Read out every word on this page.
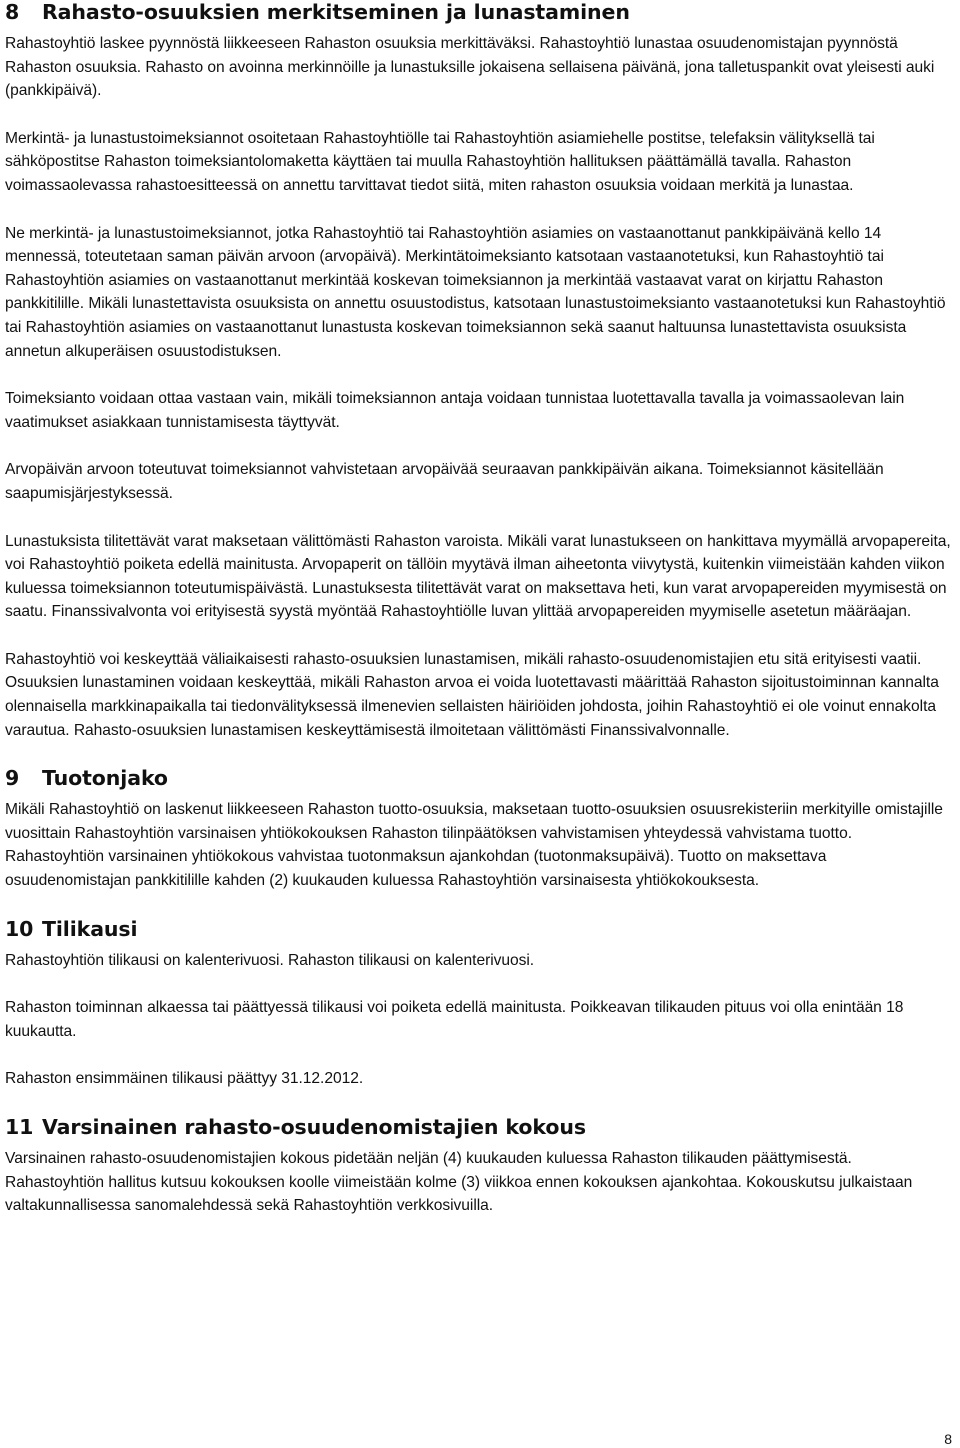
8 Rahasto-osuuksien merkitseminen ja lunastaminen

Rahastoyhtiö laskee pyynnöstä liikkeeseen Rahaston osuuksia merkittäväksi. Rahastoyhtiö lunastaa osuudenomistajan pyynnöstä Rahaston osuuksia. Rahasto on avoinna merkinnöille ja lunastuksille jokaisena sellaisena päivänä, jona talletuspankit ovat yleisesti auki (pankkipäivä).

Merkintä- ja lunastustoimeksiannot osoitetaan Rahastoyhtiölle tai Rahastoyhtiön asiamiehelle postitse, telefaksin välityksellä tai sähköpostitse Rahaston toimeksiantolomaketta käyttäen tai muulla Rahastoyhtiön hallituksen päättämällä tavalla. Rahaston voimassaolevassa rahastoesitteessä on annettu tarvittavat tiedot siitä, miten rahaston osuuksia voidaan merkitä ja lunastaa.

Ne merkintä- ja lunastustoimeksiannot, jotka Rahastoyhtiö tai Rahastoyhtiön asiamies on vastaanottanut pankkipäivänä kello 14 mennessä, toteutetaan saman päivän arvoon (arvopäivä). Merkintätoimeksianto katsotaan vastaanotetuksi, kun Rahastoyhtiö tai Rahastoyhtiön asiamies on vastaanottanut merkintää koskevan toimeksiannon ja merkintää vastaavat varat on kirjattu Rahaston pankkitilille. Mikäli lunastettavista osuuksista on annettu osuustodistus, katsotaan lunastustoimeksianto vastaanotetuksi kun Rahastoyhtiö tai Rahastoyhtiön asiamies on vastaanottanut lunastusta koskevan toimeksiannon sekä saanut haltuunsa lunastettavista osuuksista annetun alkuperäisen osuustodistuksen.

Toimeksianto voidaan ottaa vastaan vain, mikäli toimeksiannon antaja voidaan tunnistaa luotettavalla tavalla ja voimassaolevan lain vaatimukset asiakkaan tunnistamisesta täyttyvät.

Arvopäivän arvoon toteutuvat toimeksiannot vahvistetaan arvopäivää seuraavan pankkipäivän aikana. Toimeksiannot käsitellään saapumisjärjestyksessä.

Lunastuksista tilitettävät varat maksetaan välittömästi Rahaston varoista. Mikäli varat lunastukseen on hankittava myymällä arvopapereita, voi Rahastoyhtiö poiketa edellä mainitusta. Arvopaperit on tällöin myytävä ilman aiheetonta viivytystä, kuitenkin viimeistään kahden viikon kuluessa toimeksiannon toteutumispäivästä. Lunastuksesta tilitettävät varat on maksettava heti, kun varat arvopapereiden myymisestä on saatu. Finanssivalvonta voi erityisestä syystä myöntää Rahastoyhtiölle luvan ylittää arvopapereiden myymiselle asetetun määräajan.

Rahastoyhtiö voi keskeyttää väliaikaisesti rahasto-osuuksien lunastamisen, mikäli rahasto-osuudenomistajien etu sitä erityisesti vaatii. Osuuksien lunastaminen voidaan keskeyttää, mikäli Rahaston arvoa ei voida luotettavasti määrittää Rahaston sijoitustoiminnan kannalta olennaisella markkinapaikalla tai tiedonvälityksessä ilmenevien sellaisten häiriöiden johdosta, joihin Rahastoyhtiö ei ole voinut ennakolta varautua. Rahasto-osuuksien lunastamisen keskeyttämisestä ilmoitetaan välittömästi Finanssivalvonnalle.

9 Tuotonjako

Mikäli Rahastoyhtiö on laskenut liikkeeseen Rahaston tuotto-osuuksia, maksetaan tuotto-osuuksien osuusrekisteriin merkityille omistajille vuosittain Rahastoyhtiön varsinaisen yhtiökokouksen Rahaston tilinpäätöksen vahvistamisen yhteydessä vahvistama tuotto. Rahastoyhtiön varsinainen yhtiökokous vahvistaa tuotonmaksun ajankohdan (tuotonmaksupäivä). Tuotto on maksettava osuudenomistajan pankkitilille kahden (2) kuukauden kuluessa Rahastoyhtiön varsinaisesta yhtiökokouksesta.

10 Tilikausi

Rahastoyhtiön tilikausi on kalenterivuosi. Rahaston tilikausi on kalenterivuosi.

Rahaston toiminnan alkaessa tai päättyessä tilikausi voi poiketa edellä mainitusta. Poikkeavan tilikauden pituus voi olla enintään 18 kuukautta.

Rahaston ensimmäinen tilikausi päättyy 31.12.2012.

11 Varsinainen rahasto-osuudenomistajien kokous

Varsinainen rahasto-osuudenomistajien kokous pidetään neljän (4) kuukauden kuluessa Rahaston tilikauden päättymisestä. Rahastoyhtiön hallitus kutsuu kokouksen koolle viimeistään kolme (3) viikkoa ennen kokouksen ajankohtaa. Kokouskutsu julkaistaan valtakunnallisessa sanomalehdessä sekä Rahastoyhtiön verkkosivuilla.

8
